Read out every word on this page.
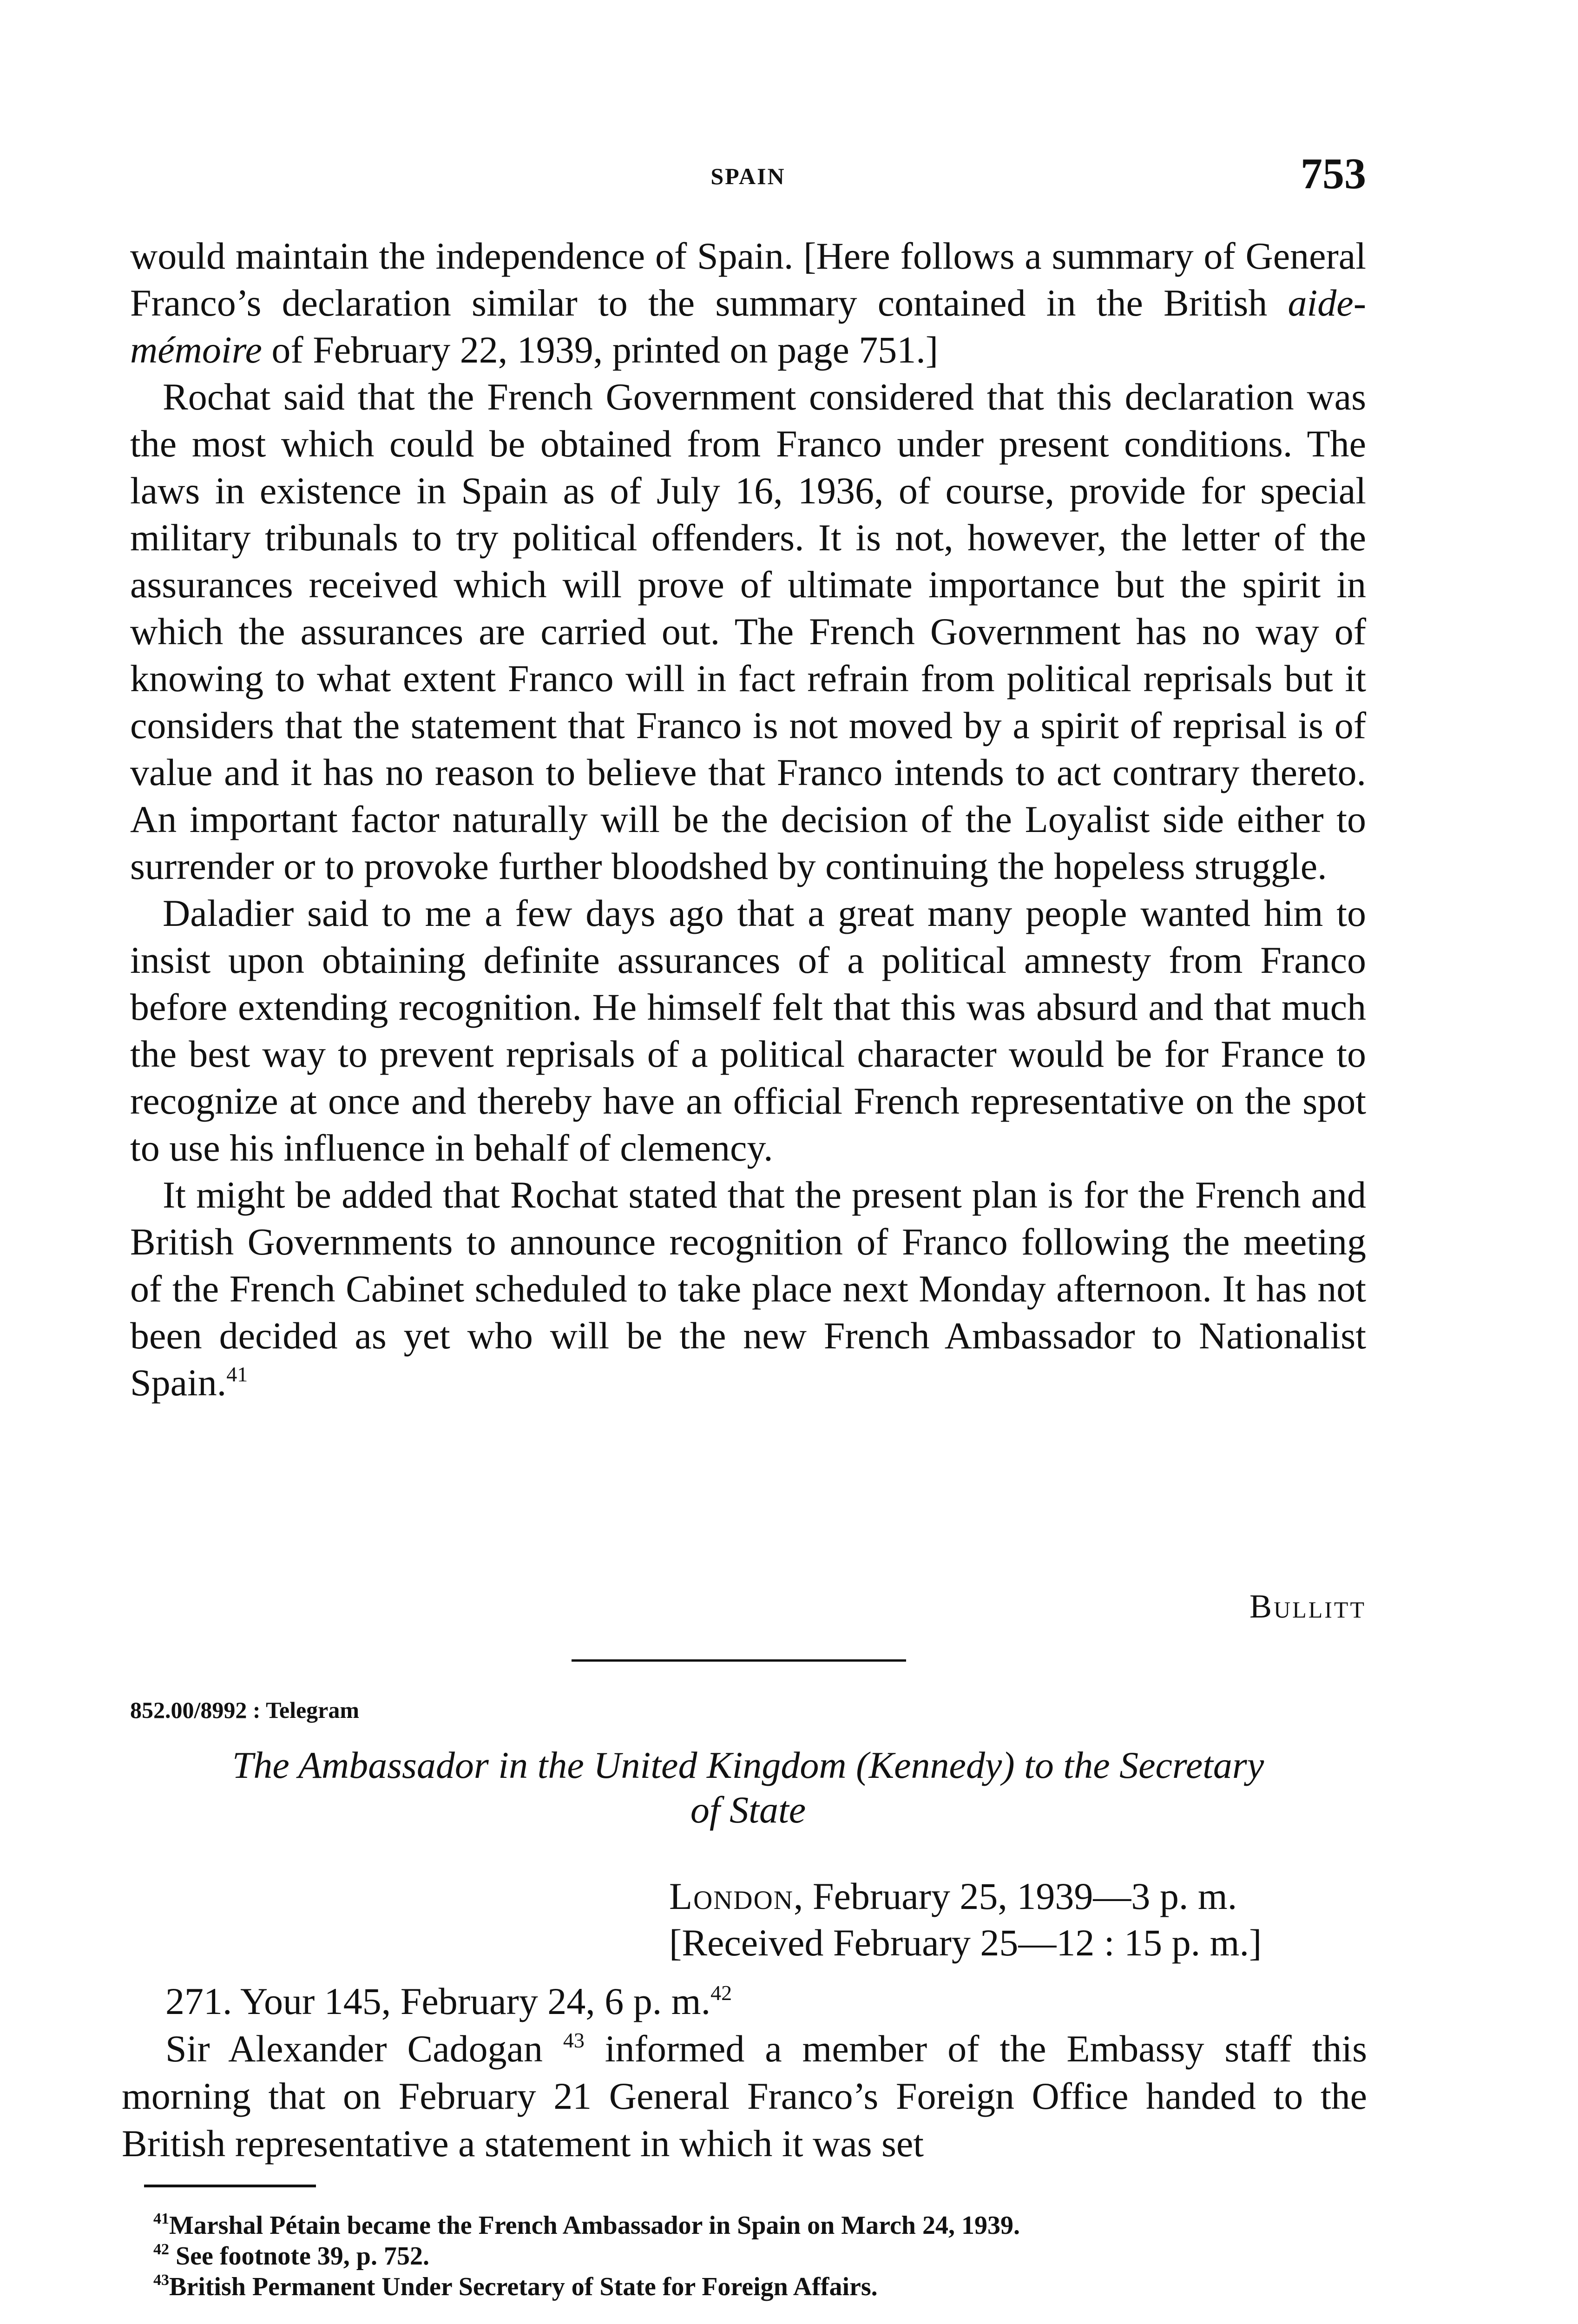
SPAIN	753

would maintain the independence of Spain. [Here follows a summary of General Franco’s declaration similar to the summary contained in the British aide-mémoire of February 22, 1939, printed on page 751.]

Rochat said that the French Government considered that this declaration was the most which could be obtained from Franco under present conditions. The laws in existence in Spain as of July 16, 1936, of course, provide for special military tribunals to try political offenders. It is not, however, the letter of the assurances received which will prove of ultimate importance but the spirit in which the assurances are carried out. The French Government has no way of knowing to what extent Franco will in fact refrain from political reprisals but it considers that the statement that Franco is not moved by a spirit of reprisal is of value and it has no reason to believe that Franco intends to act contrary thereto. An important factor naturally will be the decision of the Loyalist side either to surrender or to provoke further bloodshed by continuing the hopeless struggle.

Daladier said to me a few days ago that a great many people wanted him to insist upon obtaining definite assurances of a political amnesty from Franco before extending recognition. He himself felt that this was absurd and that much the best way to prevent reprisals of a political character would be for France to recognize at once and thereby have an official French representative on the spot to use his influence in behalf of clemency.

It might be added that Rochat stated that the present plan is for the French and British Governments to announce recognition of Franco following the meeting of the French Cabinet scheduled to take place next Monday afternoon. It has not been decided as yet who will be the new French Ambassador to Nationalist Spain.$^{41}$

Bullitt
852.00/8992 : Telegram
The Ambassador in the United Kingdom (Kennedy) to the Secretary
of State
London, February 25, 1939—3 p. m.
[Received February 25—12 : 15 p. m.]

271. Your 145, February 24, 6 p. m.$^{42}$

Sir Alexander Cadogan $^{43}$ informed a member of the Embassy staff this morning that on February 21 General Franco’s Foreign Office handed to the British representative a statement in which it was set

$^{41}$Marshal Pétain became the French Ambassador in Spain on March 24, 1939.
$^{42}$ See footnote 39, p. 752.
$^{43}$British Permanent Under Secretary of State for Foreign Affairs.
